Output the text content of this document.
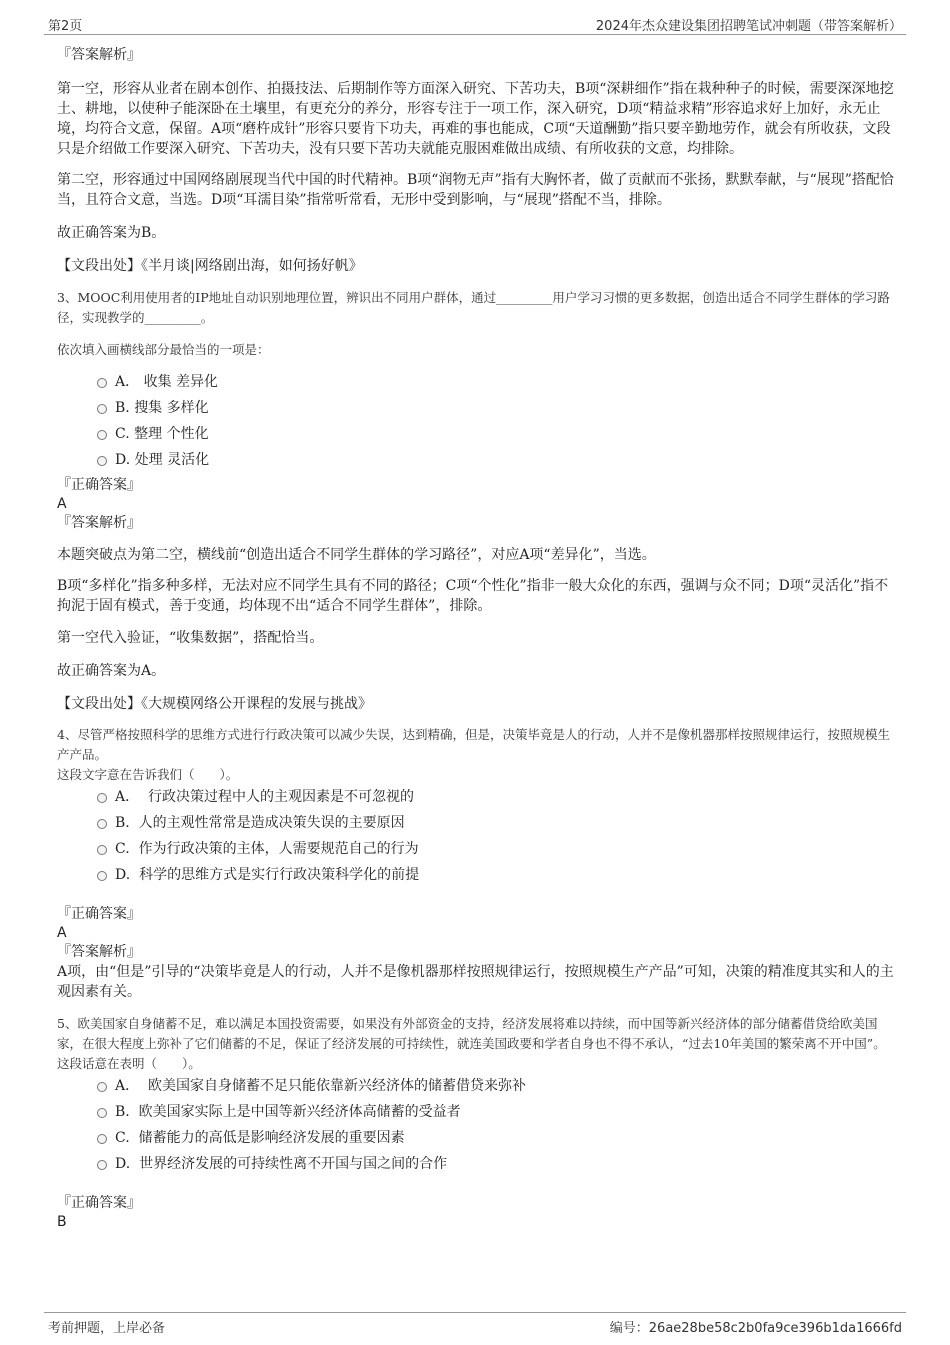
第2页	2024年杰众建设集团招聘笔试冲刺题（带答案解析）

『答案解析』

第一空，形容从业者在剧本创作、拍摄技法、后期制作等方面深入研究、下苦功夫，B项“深耕细作”指在栽种种子的时候，需要深深地挖土、耕地，以使种子能深卧在土壤里，有更充分的养分，形容专注于一项工作，深入研究，D项“精益求精”形容追求好上加好，永无止境，均符合文意，保留。A项“磨杵成针”形容只要肯下功夫，再难的事也能成，C项“天道酬勤”指只要辛勤地劳作，就会有所收获，文段只是介绍做工作要深入研究、下苦功夫，没有只要下苦功夫就能克服困难做出成绩、有所收获的文意，均排除。

第二空，形容通过中国网络剧展现当代中国的时代精神。B项“润物无声”指有大胸怀者，做了贡献而不张扬，默默奉献，与“展现”搭配恰当，且符合文意，当选。D项“耳濡目染”指常听常看，无形中受到影响，与“展现”搭配不当，排除。

故正确答案为B。

【文段出处】《半月谈|网络剧出海，如何扬好帆》

3、MOOC利用使用者的IP地址自动识别地理位置，辨识出不同用户群体，通过_________用户学习习惯的更多数据，创造出适合不同学生群体的学习路径，实现教学的_________。

依次填入画横线部分最恰当的一项是：

A． 收集 差异化
B. 搜集 多样化
C. 整理 个性化
D. 处理 灵活化

『正确答案』

A

『答案解析』

本题突破点为第二空，横线前“创造出适合不同学生群体的学习路径”，对应A项“差异化”，当选。

B项“多样化”指多种多样，无法对应不同学生具有不同的路径；C项“个性化”指非一般大众化的东西，强调与众不同；D项“灵活化”指不拘泥于固有模式，善于变通，均体现不出“适合不同学生群体”，排除。

第一空代入验证，“收集数据”，搭配恰当。

故正确答案为A。

【文段出处】《大规模网络公开课程的发展与挑战》

4、尽管严格按照科学的思维方式进行行政决策可以减少失误，达到精确，但是，决策毕竟是人的行动，人并不是像机器那样按照规律运行，按照规模生产产品。

这段文字意在告诉我们（　　）。

A． 行政决策过程中人的主观因素是不可忽视的
B. 人的主观性常常是造成决策失误的主要原因
C. 作为行政决策的主体，人需要规范自己的行为
D. 科学的思维方式是实行行政决策科学化的前提

『正确答案』

A

『答案解析』

A项，由“但是”引导的“决策毕竟是人的行动，人并不是像机器那样按照规律运行，按照规模生产产品”可知，决策的精准度其实和人的主观因素有关。

5、欧美国家自身储蓄不足，难以满足本国投资需要，如果没有外部资金的支持，经济发展将难以持续，而中国等新兴经济体的部分储蓄借贷给欧美国家，在很大程度上弥补了它们储蓄的不足，保证了经济发展的可持续性，就连美国政要和学者自身也不得不承认，“过去10年美国的繁荣离不开中国”。

这段话意在表明（　　）。

A． 欧美国家自身储蓄不足只能依靠新兴经济体的储蓄借贷来弥补
B. 欧美国家实际上是中国等新兴经济体高储蓄的受益者
C. 储蓄能力的高低是影响经济发展的重要因素
D. 世界经济发展的可持续性离不开国与国之间的合作

『正确答案』

B

考前押题，上岸必备	编号：26ae28be58c2b0fa9ce396b1da1666fd
